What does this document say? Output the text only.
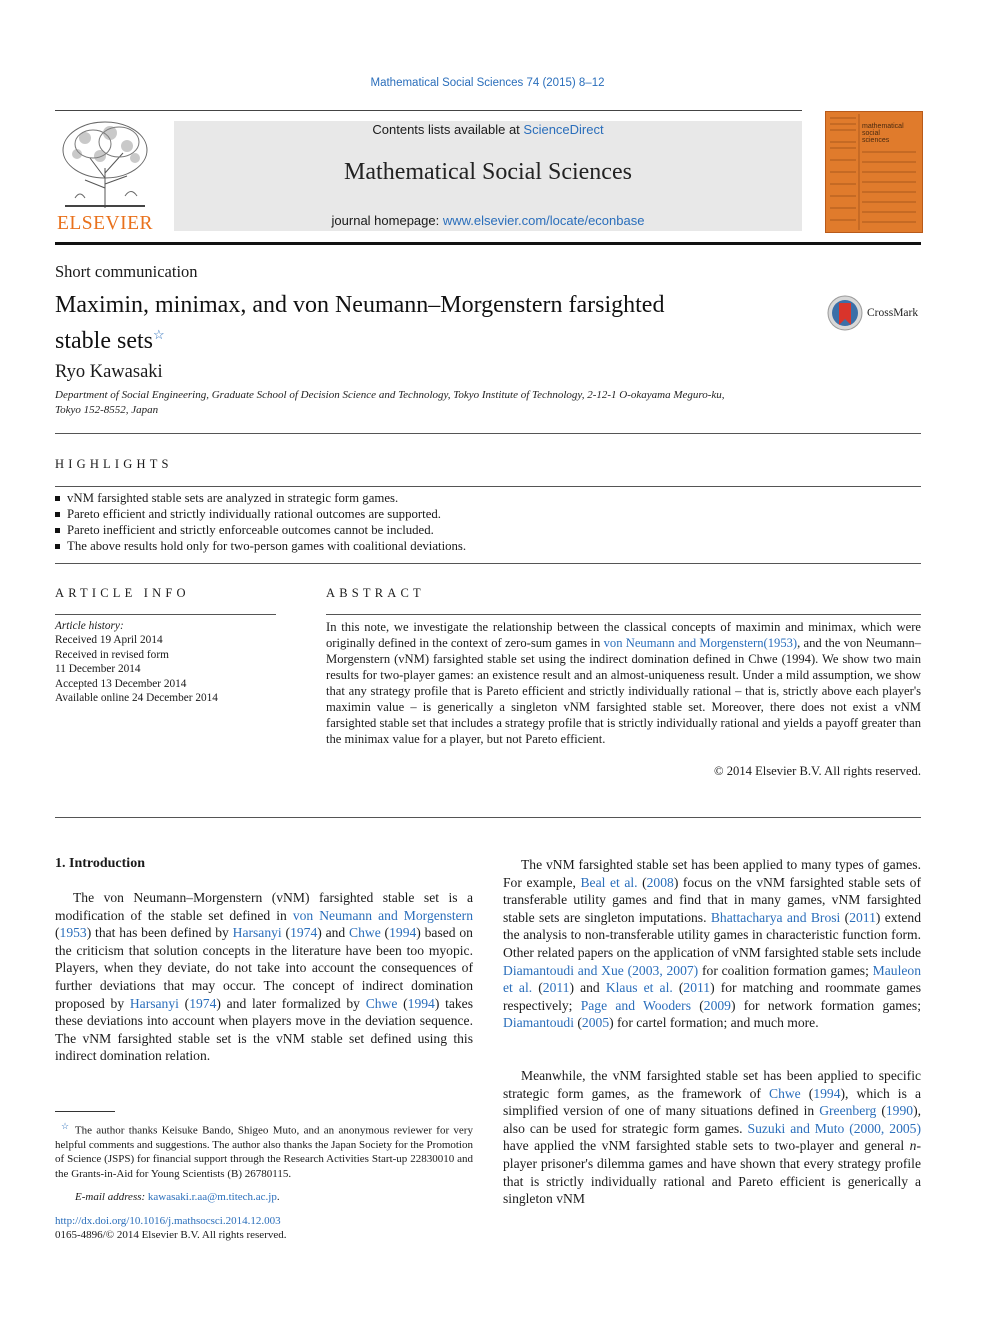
Mathematical Social Sciences 74 (2015) 8–12
ELSEVIER
Contents lists available at ScienceDirect
Mathematical Social Sciences
journal homepage: www.elsevier.com/locate/econbase
mathematical
social
sciences
Short communication
Maximin, minimax, and von Neumann–Morgenstern farsighted
stable sets☆
CrossMark
Ryo Kawasaki
Department of Social Engineering, Graduate School of Decision Science and Technology, Tokyo Institute of Technology, 2-12-1 O-okayama Meguro-ku,
Tokyo 152-8552, Japan
HIGHLIGHTS
vNM farsighted stable sets are analyzed in strategic form games.
Pareto efficient and strictly individually rational outcomes are supported.
Pareto inefficient and strictly enforceable outcomes cannot be included.
The above results hold only for two-person games with coalitional deviations.
ARTICLE INFO
Article history:
Received 19 April 2014
Received in revised form
11 December 2014
Accepted 13 December 2014
Available online 24 December 2014
ABSTRACT
In this note, we investigate the relationship between the classical concepts of maximin and minimax, which were originally defined in the context of zero-sum games in von Neumann and Morgenstern(1953), and the von Neumann–Morgenstern (vNM) farsighted stable set using the indirect domination defined in Chwe (1994). We show two main results for two-player games: an existence result and an almost-uniqueness result. Under a mild assumption, we show that any strategy profile that is Pareto efficient and strictly individually rational – that is, strictly above each player's maximin value – is generically a singleton vNM farsighted stable set. Moreover, there does not exist a vNM farsighted stable set that includes a strategy profile that is strictly individually rational and yields a payoff greater than the minimax value for a player, but not Pareto efficient.
© 2014 Elsevier B.V. All rights reserved.
1. Introduction
The von Neumann–Morgenstern (vNM) farsighted stable set is a modification of the stable set defined in von Neumann and Morgenstern (1953) that has been defined by Harsanyi (1974) and Chwe (1994) based on the criticism that solution concepts in the literature have been too myopic. Players, when they deviate, do not take into account the consequences of further deviations that may occur. The concept of indirect domination proposed by Harsanyi (1974) and later formalized by Chwe (1994) takes these deviations into account when players move in the deviation sequence. The vNM farsighted stable set is the vNM stable set defined using this indirect domination relation.
☆ The author thanks Keisuke Bando, Shigeo Muto, and an anonymous reviewer for very helpful comments and suggestions. The author also thanks the Japan Society for the Promotion of Science (JSPS) for financial support through the Research Activities Start-up 22830010 and the Grants-in-Aid for Young Scientists (B) 26780115.
E-mail address: kawasaki.r.aa@m.titech.ac.jp.
http://dx.doi.org/10.1016/j.mathsocsci.2014.12.003
0165-4896/© 2014 Elsevier B.V. All rights reserved.
The vNM farsighted stable set has been applied to many types of games. For example, Beal et al. (2008) focus on the vNM farsighted stable sets of transferable utility games and find that in many games, vNM farsighted stable sets are singleton imputations. Bhattacharya and Brosi (2011) extend the analysis to non-transferable utility games in characteristic function form. Other related papers on the application of vNM farsighted stable sets include Diamantoudi and Xue (2003, 2007) for coalition formation games; Mauleon et al. (2011) and Klaus et al. (2011) for matching and roommate games respectively; Page and Wooders (2009) for network formation games; Diamantoudi (2005) for cartel formation; and much more.
Meanwhile, the vNM farsighted stable set has been applied to specific strategic form games, as the framework of Chwe (1994), which is a simplified version of one of many situations defined in Greenberg (1990), also can be used for strategic form games. Suzuki and Muto (2000, 2005) have applied the vNM farsighted stable sets to two-player and general n-player prisoner's dilemma games and have shown that every strategy profile that is strictly individually rational and Pareto efficient is generically a singleton vNM
